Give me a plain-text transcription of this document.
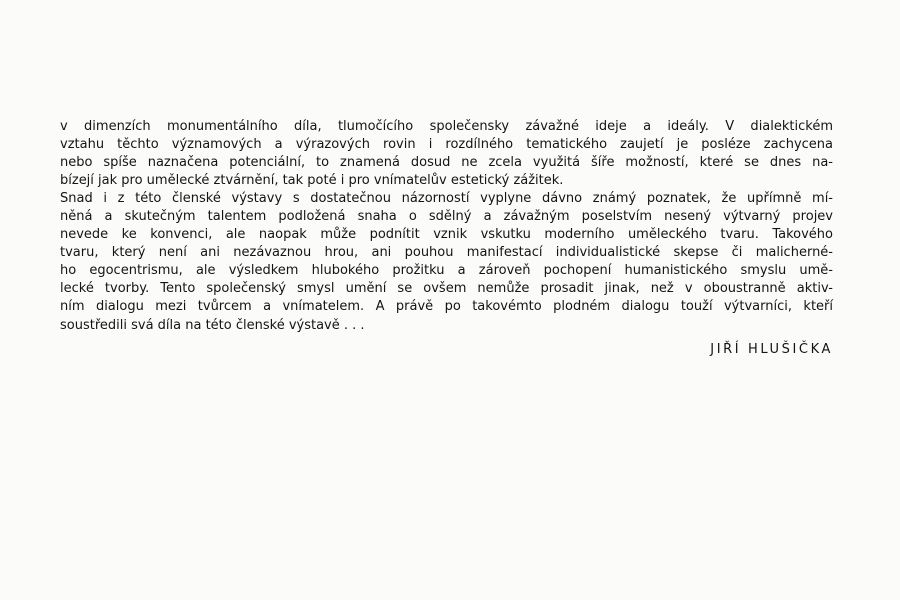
v dimenzích monumentálního díla, tlumočícího společensky závažné ideje a ideály. V dialektickém
vztahu těchto významových a výrazových rovin i rozdílného tematického zaujetí je posléze zachycena
nebo spíše naznačena potenciální, to znamená dosud ne zcela využitá šíře možností, které se dnes na-
bízejí jak pro umělecké ztvárnění, tak poté i pro vnímatelův estetický zážitek.
Snad i z této členské výstavy s dostatečnou názorností vyplyne dávno známý poznatek, že upřímně mí-
něná a skutečným talentem podložená snaha o sdělný a závažným poselstvím nesený výtvarný projev
nevede ke konvenci, ale naopak může podnítit vznik vskutku moderního uměleckého tvaru. Takového
tvaru, který není ani nezávaznou hrou, ani pouhou manifestací individualistické skepse či malicherné-
ho egocentrismu, ale výsledkem hlubokého prožitku a zároveň pochopení humanistického smyslu umě-
lecké tvorby. Tento společenský smysl umění se ovšem nemůže prosadit jinak, než v oboustranně aktiv-
ním dialogu mezi tvůrcem a vnímatelem. A právě po takovémto plodném dialogu touží výtvarníci, kteří
soustředili svá díla na této členské výstavě . . .
JIŘÍ HLUŠIČKA
